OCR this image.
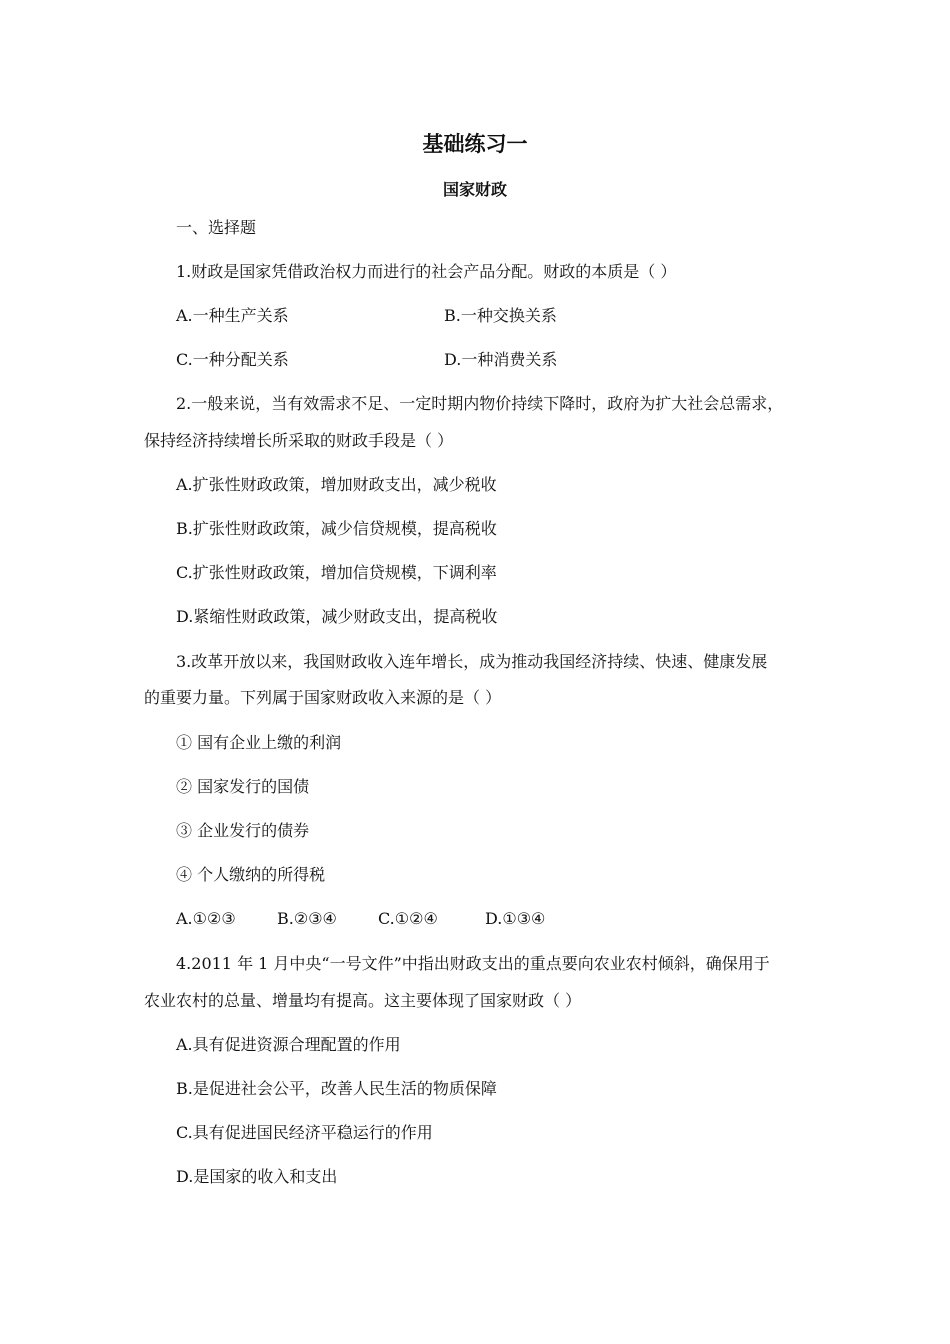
基础练习一
国家财政
一、选择题
1.财政是国家凭借政治权力而进行的社会产品分配。财政的本质是（ ）
A.一种生产关系	B.一种交换关系
C.一种分配关系	D.一种消费关系
2.一般来说，当有效需求不足、一定时期内物价持续下降时，政府为扩大社会总需求，
保持经济持续增长所采取的财政手段是（ ）
A.扩张性财政政策，增加财政支出，减少税收
B.扩张性财政政策，减少信贷规模，提高税收
C.扩张性财政政策，增加信贷规模，下调利率
D.紧缩性财政政策，减少财政支出，提高税收
3.改革开放以来，我国财政收入连年增长，成为推动我国经济持续、快速、健康发展
的重要力量。下列属于国家财政收入来源的是（ ）
① 国有企业上缴的利润
② 国家发行的国债
③ 企业发行的债券
④ 个人缴纳的所得税
A.①②③	B.②③④	C.①②④	D.①③④
4.2011 年 1 月中央“一号文件”中指出财政支出的重点要向农业农村倾斜，确保用于
农业农村的总量、增量均有提高。这主要体现了国家财政（ ）
A.具有促进资源合理配置的作用
B.是促进社会公平，改善人民生活的物质保障
C.具有促进国民经济平稳运行的作用
D.是国家的收入和支出
